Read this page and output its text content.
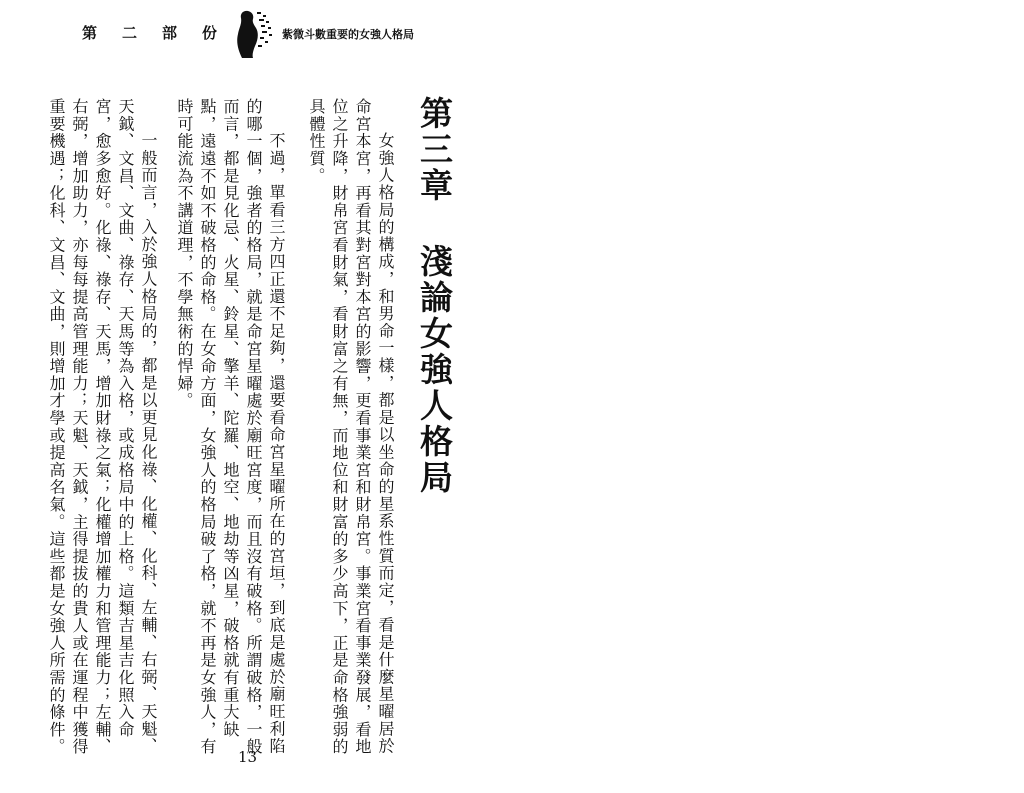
第 二 部 份	紫微斗數重要的女強人格局
第三章淺論女強人格局
女強人格局的構成，和男命一樣，都是以坐命的星系性質而定，看是什麼星曜居於
命宮本宮，再看其對宮對本宮的影響，更看事業宮和財帛宮。事業宮看事業發展，看地
位之升降，財帛宮看財氣，看財富之有無，而地位和財富的多少高下，正是命格強弱的
具體性質。
不過，單看三方四正還不足夠，還要看命宮星曜所在的宮垣，到底是處於廟旺利陷
的哪一個，強者的格局，就是命宮星曜處於廟旺宮度，而且沒有破格。所謂破格，一般
而言，都是見化忌、火星、鈴星、擎羊、陀羅、地空、地劫等凶星，破格就有重大缺
點，遠遠不如不破格的命格。在女命方面，女強人的格局破了格，就不再是女強人，有
時可能流為不講道理，不學無術的悍婦。
一般而言，入於強人格局的，都是以更見化祿、化權、化科、左輔、右弼、天魁、
天鉞、文昌、文曲、祿存、天馬等為入格，或成格局中的上格。這類吉星吉化照入命
宮，愈多愈好。化祿、祿存、天馬，增加財祿之氣；化權增加權力和管理能力；左輔、
右弼，增加助力，亦每每提高管理能力；天魁、天鉞，主得提拔的貴人或在運程中獲得
重要機遇；化科、文昌、文曲，則增加才學或提高名氣。這些都是女強人所需的條件。
13
